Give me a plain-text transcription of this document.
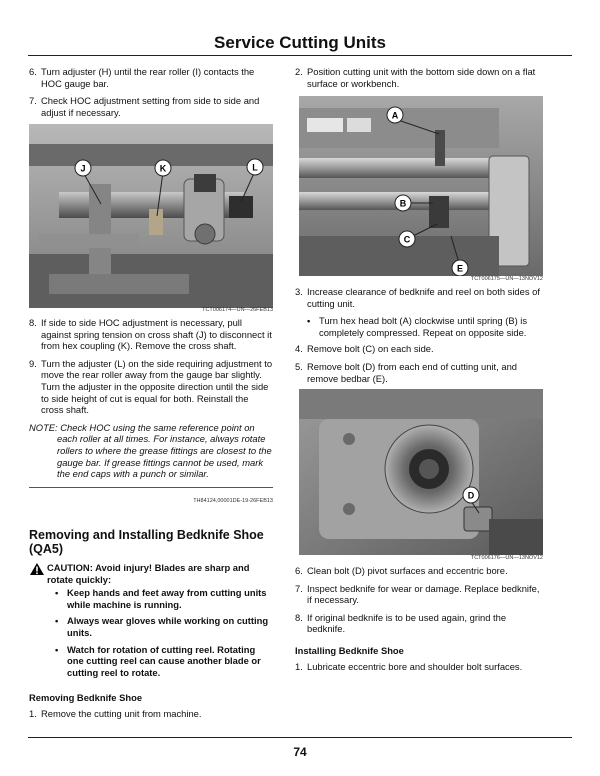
Service Cutting Units
6. Turn adjuster (H) until the rear roller (I) contacts the HOC gauge bar.
7. Check HOC adjustment setting from side to side and adjust if necessary.
J	K	L
TCT006174—UN—26FEB13
8. If side to side HOC adjustment is necessary, pull against spring tension on cross shaft (J) to disconnect it from hex coupling (K). Remove the cross shaft.
9. Turn the adjuster (L) on the side requiring adjustment to move the rear roller away from the gauge bar slightly. Turn the adjuster in the opposite direction until the side to side height of cut is equal for both. Reinstall the cross shaft.
NOTE: Check HOC using the same reference point on
each roller at all times. For instance, always rotate rollers to where the grease fittings are closest to the gauge bar. If grease fittings cannot be used, mark the end caps with a punch or similar.
TH84124,00001DE-19-26FEB13
Removing and Installing Bedknife Shoe (QA5)
CAUTION: Avoid injury! Blades are sharp and rotate quickly:
• Keep hands and feet away from cutting units while machine is running.
• Always wear gloves while working on cutting units.
• Watch for rotation of cutting reel. Rotating one cutting reel can cause another blade or cutting reel to rotate.
Removing Bedknife Shoe
1. Remove the cutting unit from machine.
2. Position cutting unit with the bottom side down on a flat surface or workbench.
A
B
C
E
TCT006175—UN—13NOV12
3. Increase clearance of bedknife and reel on both sides of cutting unit.
• Turn hex head bolt (A) clockwise until spring (B) is completely compressed. Repeat on opposite side.
4. Remove bolt (C) on each side.
5. Remove bolt (D) from each end of cutting unit, and remove bedbar (E).
D
TCT006176—UN—13NOV12
6. Clean bolt (D) pivot surfaces and eccentric bore.
7. Inspect bedknife for wear or damage. Replace bedknife, if necessary.
8. If original bedknife is to be used again, grind the bedknife.
Installing Bedknife Shoe
1. Lubricate eccentric bore and shoulder bolt surfaces.
74
